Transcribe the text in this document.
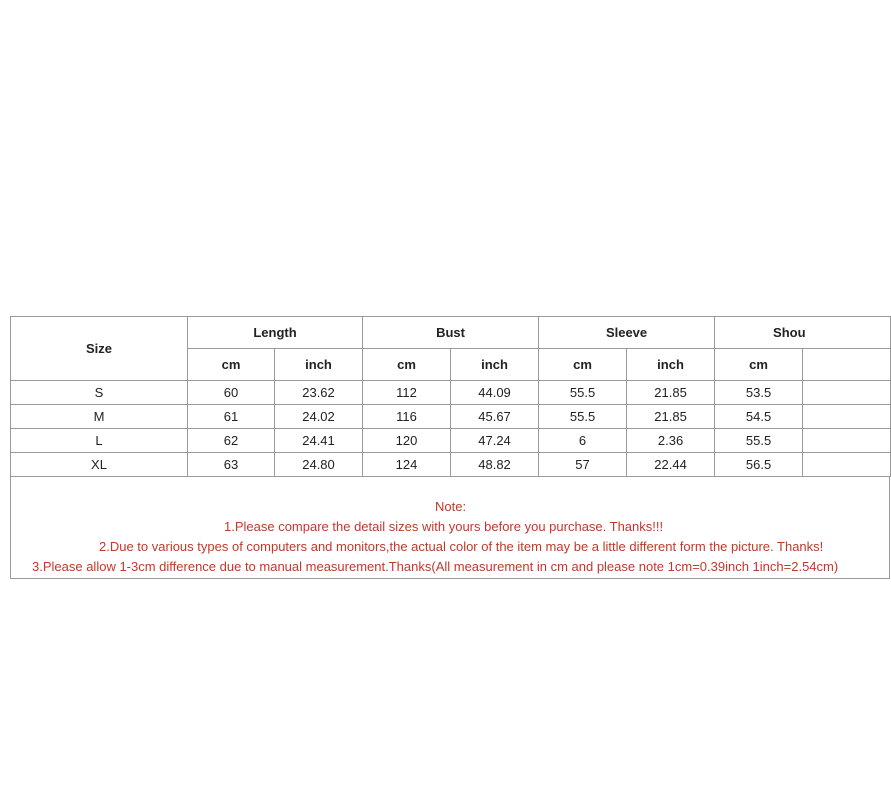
Size	Length		Bust		Sleeve		Shou	
	cm	inch	cm	inch	cm	inch	cm	
S	60	23.62	112	44.09	55.5	21.85	53.5	
M	61	24.02	116	45.67	55.5	21.85	54.5	
L	62	24.41	120	47.24	6	2.36	55.5	
XL	63	24.80	124	48.82	57	22.44	56.5	
Note:
1.Please compare the detail sizes with yours before you purchase. Thanks!!!
2.Due to various types of computers and monitors,the actual color of the item may be a little different form the picture. Thanks!
3.Please allow 1-3cm difference due to manual measurement.Thanks(All measurement in cm and please note 1cm=0.39inch 1inch=2.54cm)
